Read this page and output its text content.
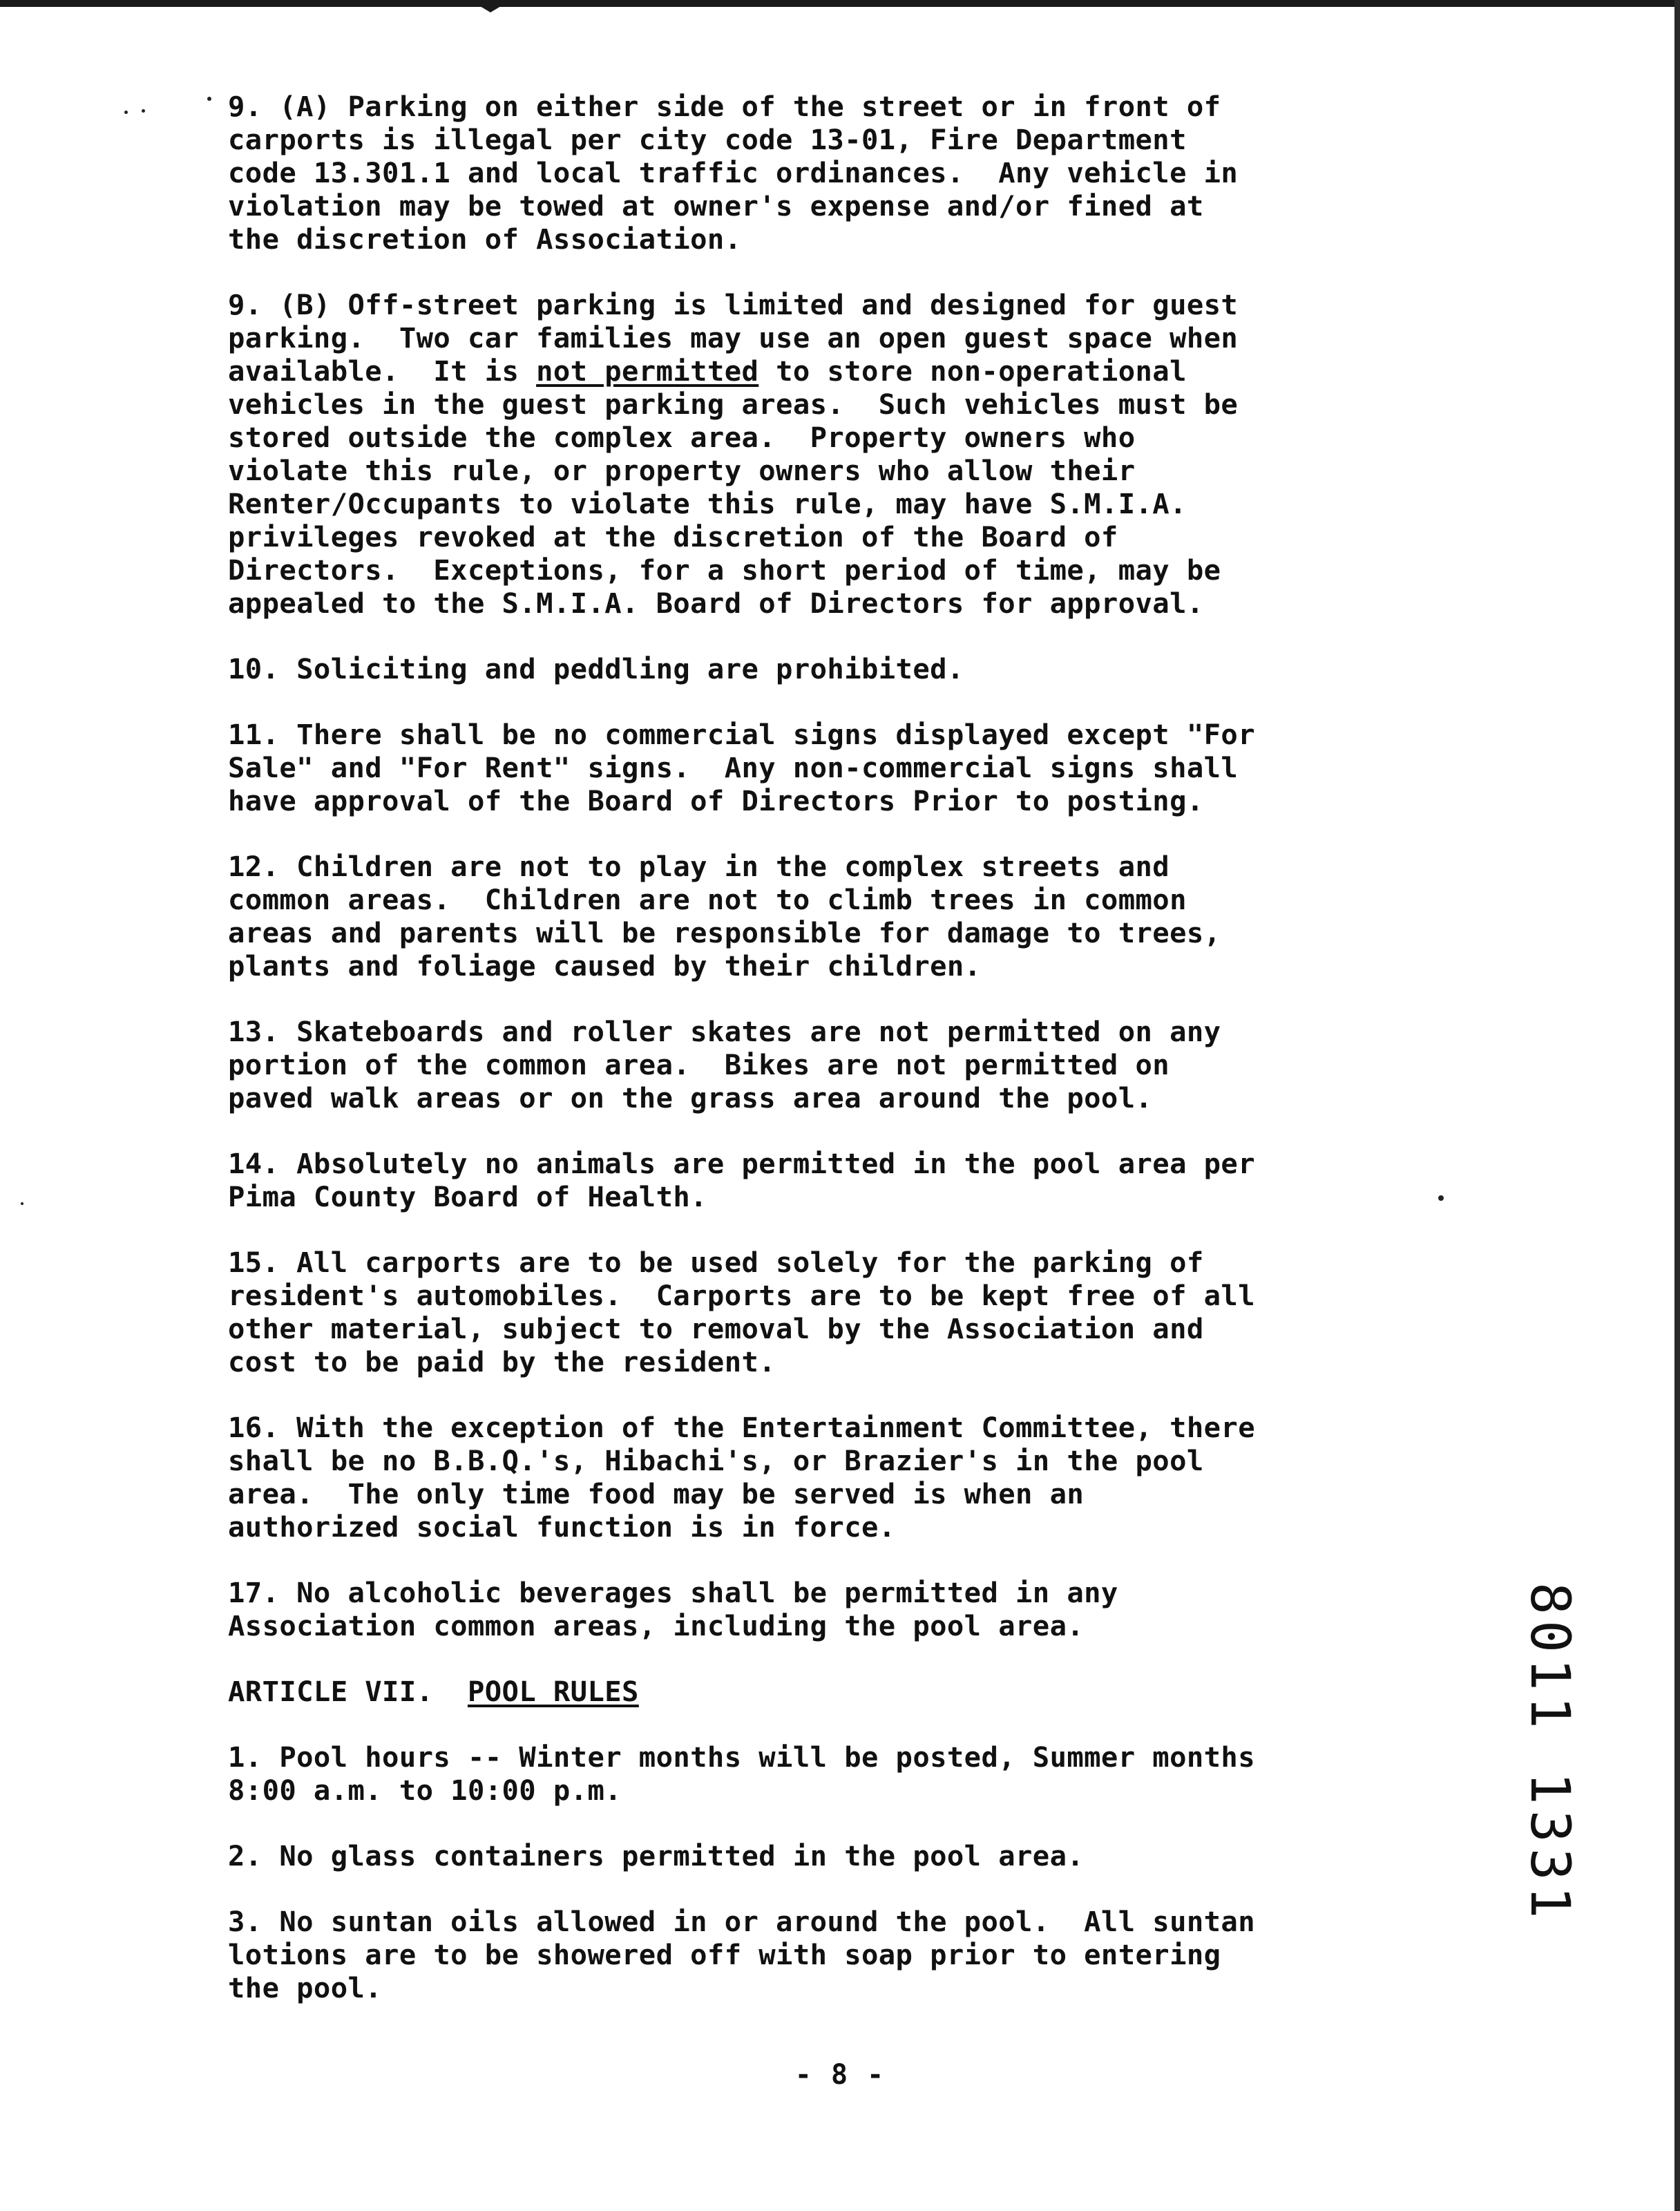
9. (A) Parking on either side of the street or in front of
carports is illegal per city code 13-01, Fire Department
code 13.301.1 and local traffic ordinances.  Any vehicle in
violation may be towed at owner's expense and/or fined at
the discretion of Association.
9. (B) Off-street parking is limited and designed for guest
parking.  Two car families may use an open guest space when
available.  It is not permitted to store non-operational
vehicles in the guest parking areas.  Such vehicles must be
stored outside the complex area.  Property owners who
violate this rule, or property owners who allow their
Renter/Occupants to violate this rule, may have S.M.I.A.
privileges revoked at the discretion of the Board of
Directors.  Exceptions, for a short period of time, may be
appealed to the S.M.I.A. Board of Directors for approval.
10. Soliciting and peddling are prohibited.
11. There shall be no commercial signs displayed except "For
Sale" and "For Rent" signs.  Any non-commercial signs shall
have approval of the Board of Directors Prior to posting.
12. Children are not to play in the complex streets and
common areas.  Children are not to climb trees in common
areas and parents will be responsible for damage to trees,
plants and foliage caused by their children.
13. Skateboards and roller skates are not permitted on any
portion of the common area.  Bikes are not permitted on
paved walk areas or on the grass area around the pool.
14. Absolutely no animals are permitted in the pool area per
Pima County Board of Health.
15. All carports are to be used solely for the parking of
resident's automobiles.  Carports are to be kept free of all
other material, subject to removal by the Association and
cost to be paid by the resident.
16. With the exception of the Entertainment Committee, there
shall be no B.B.Q.'s, Hibachi's, or Brazier's in the pool
area.  The only time food may be served is when an
authorized social function is in force.
17. No alcoholic beverages shall be permitted in any
Association common areas, including the pool area.
ARTICLE VII.  POOL RULES
1. Pool hours -- Winter months will be posted, Summer months
8:00 a.m. to 10:00 p.m.
2. No glass containers permitted in the pool area.
3. No suntan oils allowed in or around the pool.  All suntan
lotions are to be showered off with soap prior to entering
the pool.
- 8 -
8011 1331
